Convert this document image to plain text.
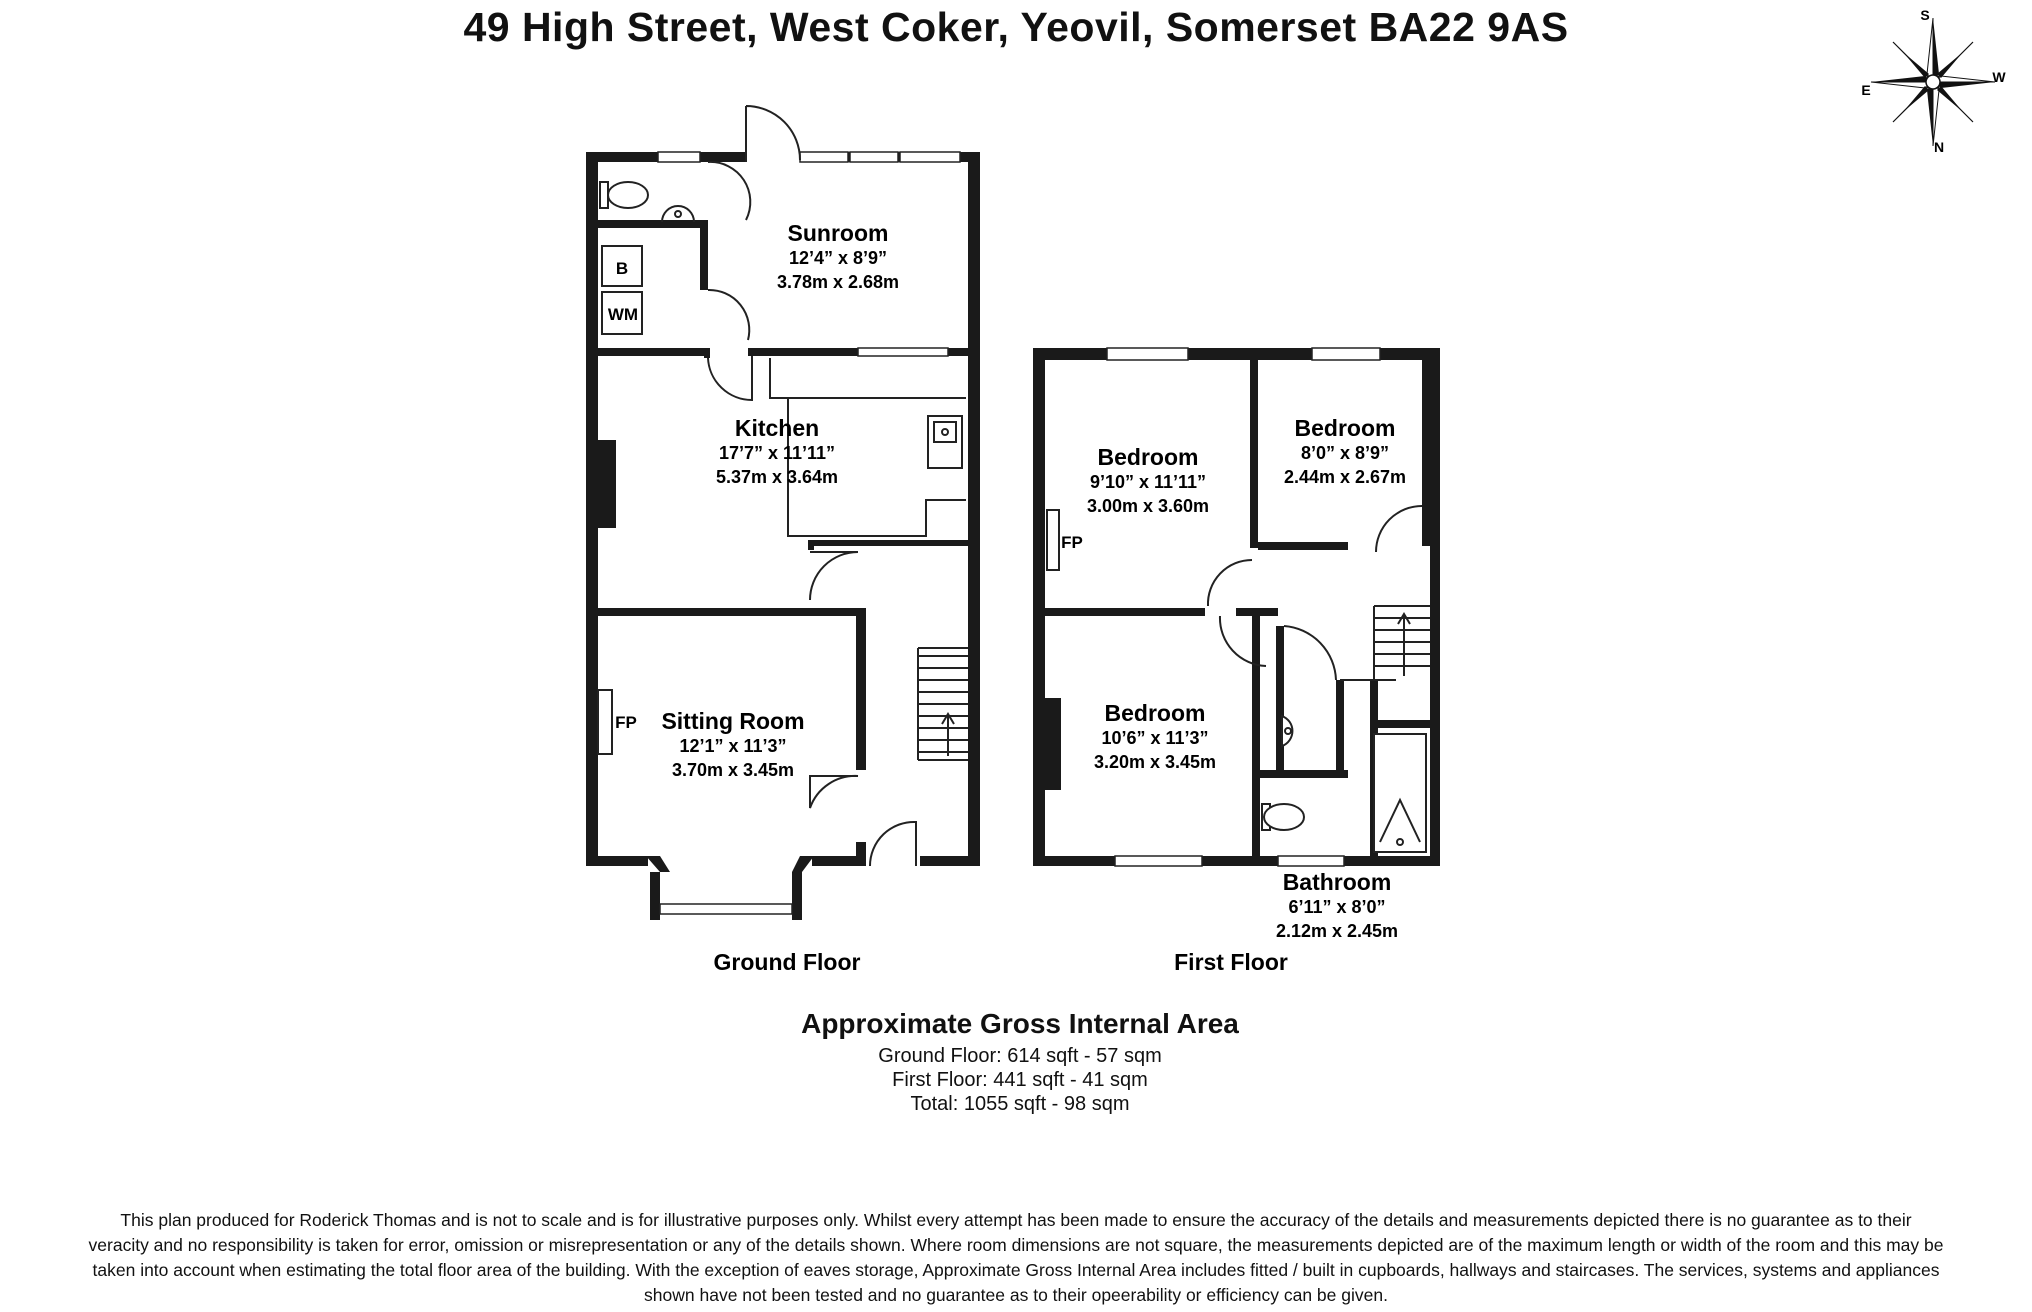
49 High Street, West Coker, Yeovil, Somerset BA22 9AS	S
E
W
N
B
WM
FP
Sunroom
12’4” x 8’9”
3.78m x 2.68m
Kitchen
17’7” x 11’11”
5.37m x 3.64m
Sitting Room
12’1” x 11’3”
3.70m x 3.45m
Ground Floor
FP
Bedroom
9’10” x 11’11”
3.00m x 3.60m
Bedroom
8’0” x 8’9”
2.44m x 2.67m
Bedroom
10’6” x 11’3”
3.20m x 3.45m
Bathroom
6’11” x 8’0”
2.12m x 2.45m
First Floor
Approximate Gross Internal Area
Ground Floor: 614 sqft - 57 sqm
First Floor: 441 sqft - 41 sqm
Total: 1055 sqft - 98 sqm
This plan produced for Roderick Thomas and is not to scale and is for illustrative purposes only. Whilst every attempt has been made to ensure the accuracy of the details and measurements depicted there is no guarantee as to their
veracity and no responsibility is taken for error, omission or misrepresentation or any of the details shown. Where room dimensions are not square, the measurements depicted are of the maximum length or width of the room and this may be
taken into account when estimating the total floor area of the building. With the exception of eaves storage, Approximate Gross Internal Area includes fitted / built in cupboards, hallways and staircases. The services, systems and appliances
shown have not been tested and no guarantee as to their opeerability or efficiency can be given.
